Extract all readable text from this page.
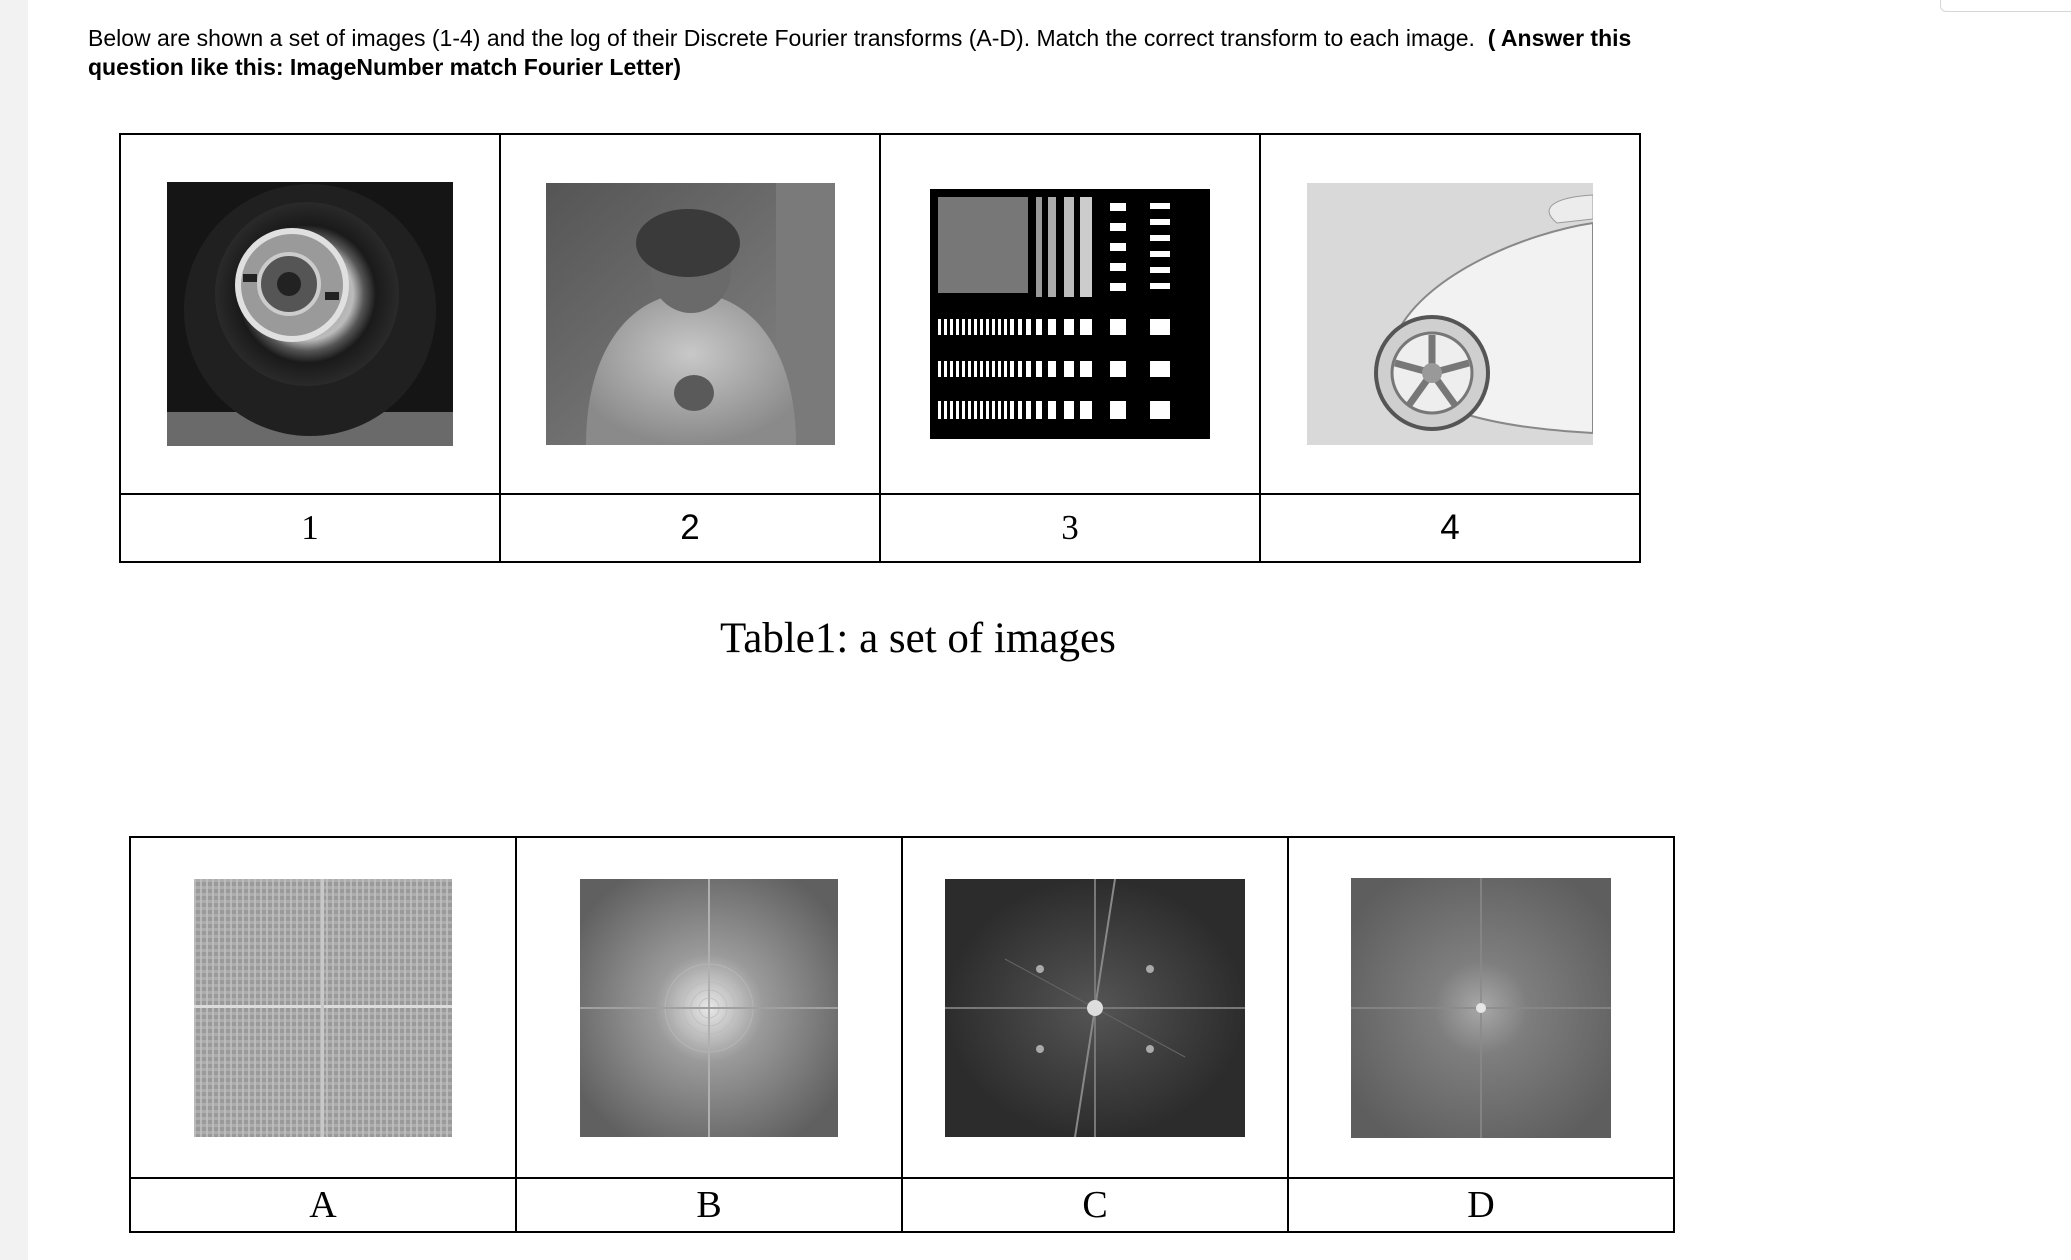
Below are shown a set of images (1-4) and the log of their Discrete Fourier transforms (A-D). Match the correct transform to each image. ( Answer this question like this: ImageNumber match Fourier Letter)

1	2	3	4
Table1: a set of images

A	B	C	D
